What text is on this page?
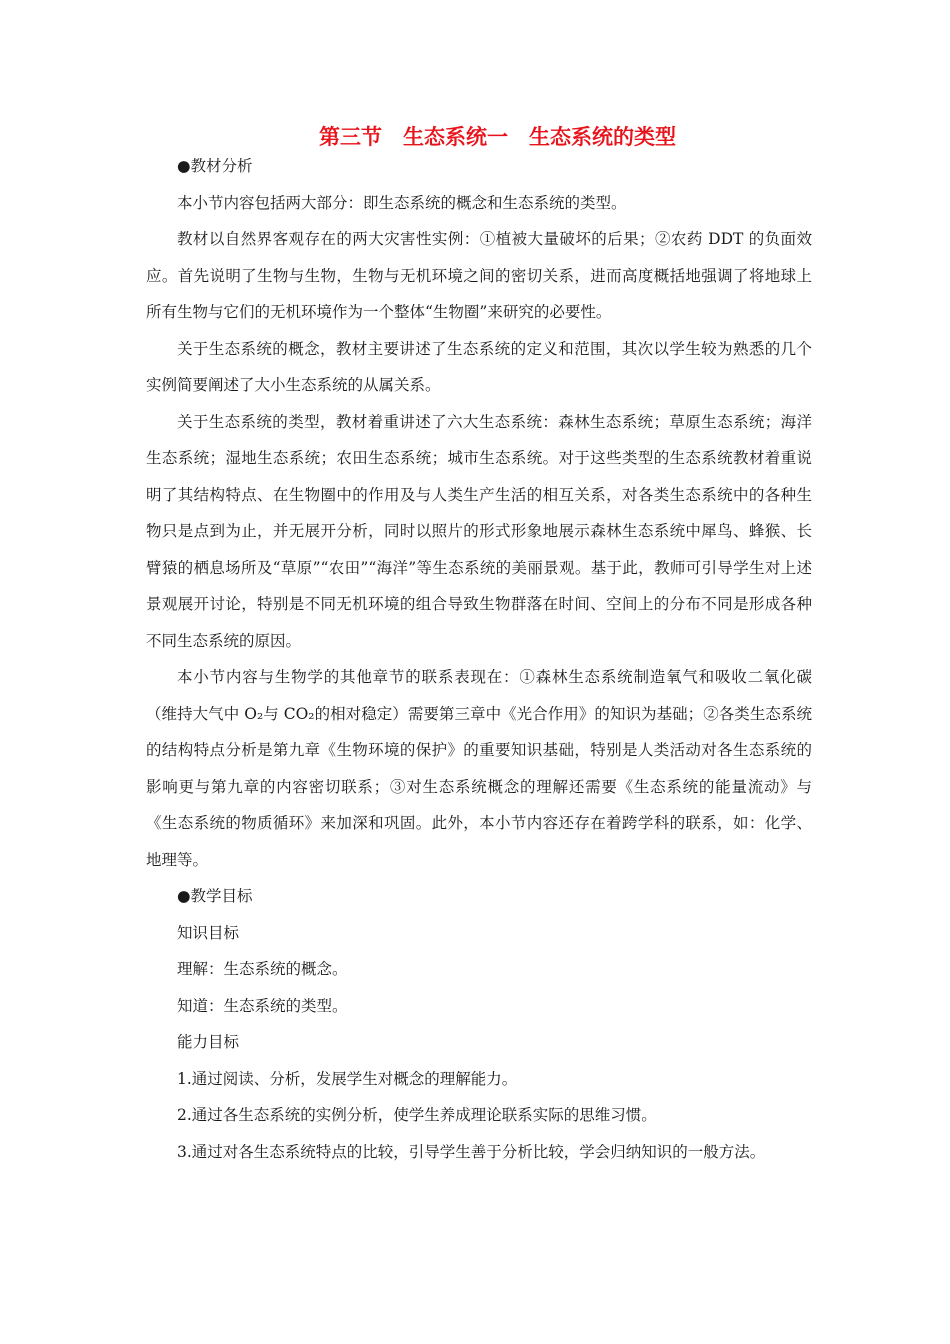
第三节　生态系统一　生态系统的类型

●教材分析

本小节内容包括两大部分：即生态系统的概念和生态系统的类型。

教材以自然界客观存在的两大灾害性实例：①植被大量破坏的后果；②农药 DDT 的负面效应。首先说明了生物与生物，生物与无机环境之间的密切关系，进而高度概括地强调了将地球上所有生物与它们的无机环境作为一个整体“生物圈”来研究的必要性。

关于生态系统的概念，教材主要讲述了生态系统的定义和范围，其次以学生较为熟悉的几个实例简要阐述了大小生态系统的从属关系。

关于生态系统的类型，教材着重讲述了六大生态系统：森林生态系统；草原生态系统；海洋生态系统；湿地生态系统；农田生态系统；城市生态系统。对于这些类型的生态系统教材着重说明了其结构特点、在生物圈中的作用及与人类生产生活的相互关系，对各类生态系统中的各种生物只是点到为止，并无展开分析，同时以照片的形式形象地展示森林生态系统中犀鸟、蜂猴、长臂猿的栖息场所及“草原”“农田”“海洋”等生态系统的美丽景观。基于此，教师可引导学生对上述景观展开讨论，特别是不同无机环境的组合导致生物群落在时间、空间上的分布不同是形成各种不同生态系统的原因。

本小节内容与生物学的其他章节的联系表现在：①森林生态系统制造氧气和吸收二氧化碳（维持大气中 O₂与 CO₂的相对稳定）需要第三章中《光合作用》的知识为基础；②各类生态系统的结构特点分析是第九章《生物环境的保护》的重要知识基础，特别是人类活动对各生态系统的影响更与第九章的内容密切联系；③对生态系统概念的理解还需要《生态系统的能量流动》与《生态系统的物质循环》来加深和巩固。此外，本小节内容还存在着跨学科的联系，如：化学、地理等。

●教学目标

知识目标

理解：生态系统的概念。

知道：生态系统的类型。

能力目标

1.通过阅读、分析，发展学生对概念的理解能力。

2.通过各生态系统的实例分析，使学生养成理论联系实际的思维习惯。

3.通过对各生态系统特点的比较，引导学生善于分析比较，学会归纳知识的一般方法。
